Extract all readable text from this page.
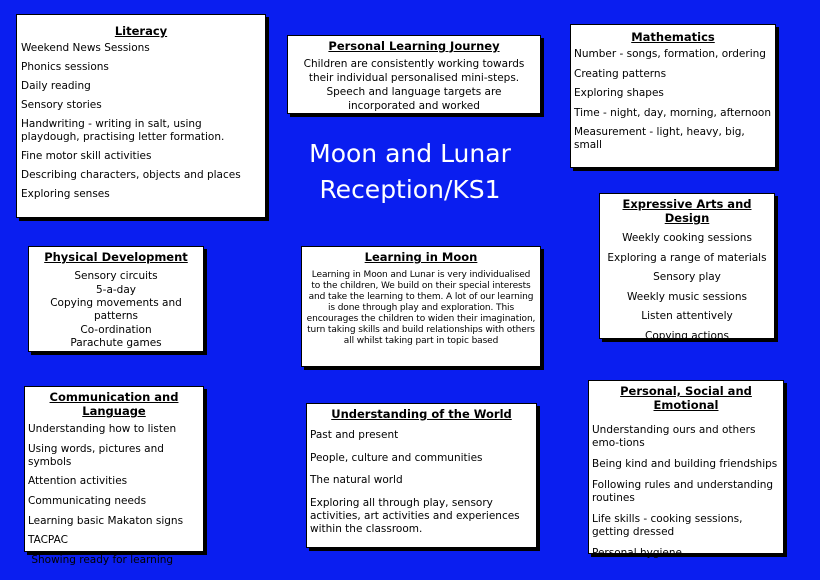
Literacy
Weekend News Sessions
Phonics sessions
Daily reading
Sensory stories
Handwriting - writing in salt, using playdough, practising letter formation.
Fine motor skill activities
Describing characters, objects and places
Exploring senses
Personal Learning Journey

Children are consistently working towards their individual personalised mini-steps. Speech and language targets are incorporated and worked

Mathematics
Number - songs, formation, ordering
Creating patterns
Exploring shapes
Time - night, day, morning, afternoon
Measurement - light, heavy, big, small
Moon and Lunar
Reception/KS1
Physical Development
Sensory circuits
5-a-day
Copying movements and patterns
Co-ordination
Parachute games
Learning in Moon

Learning in Moon and Lunar is very individualised to the children, We build on their special interests and take the learning to them. A lot of our learning is done through play and exploration. This encourages the children to widen their imagination, turn taking skills and build relationships with others all whilst taking part in topic based

Expressive Arts and Design
Weekly cooking sessions
Exploring a range of materials
Sensory play
Weekly music sessions
Listen attentively
Copying actions
Communication and Language
Understanding how to listen
Using words, pictures and symbols
Attention activities
Communicating needs
Learning basic Makaton signs
TACPAC
Showing ready for learning
Understanding of the World
Past and present
People, culture and communities
The natural world
Exploring all through play, sensory activities, art activities and experiences within the classroom.
Personal, Social and Emotional
Understanding ours and others emo-tions
Being kind and building friendships
Following rules and understanding routines
Life skills - cooking sessions, getting dressed
Personal hygiene
